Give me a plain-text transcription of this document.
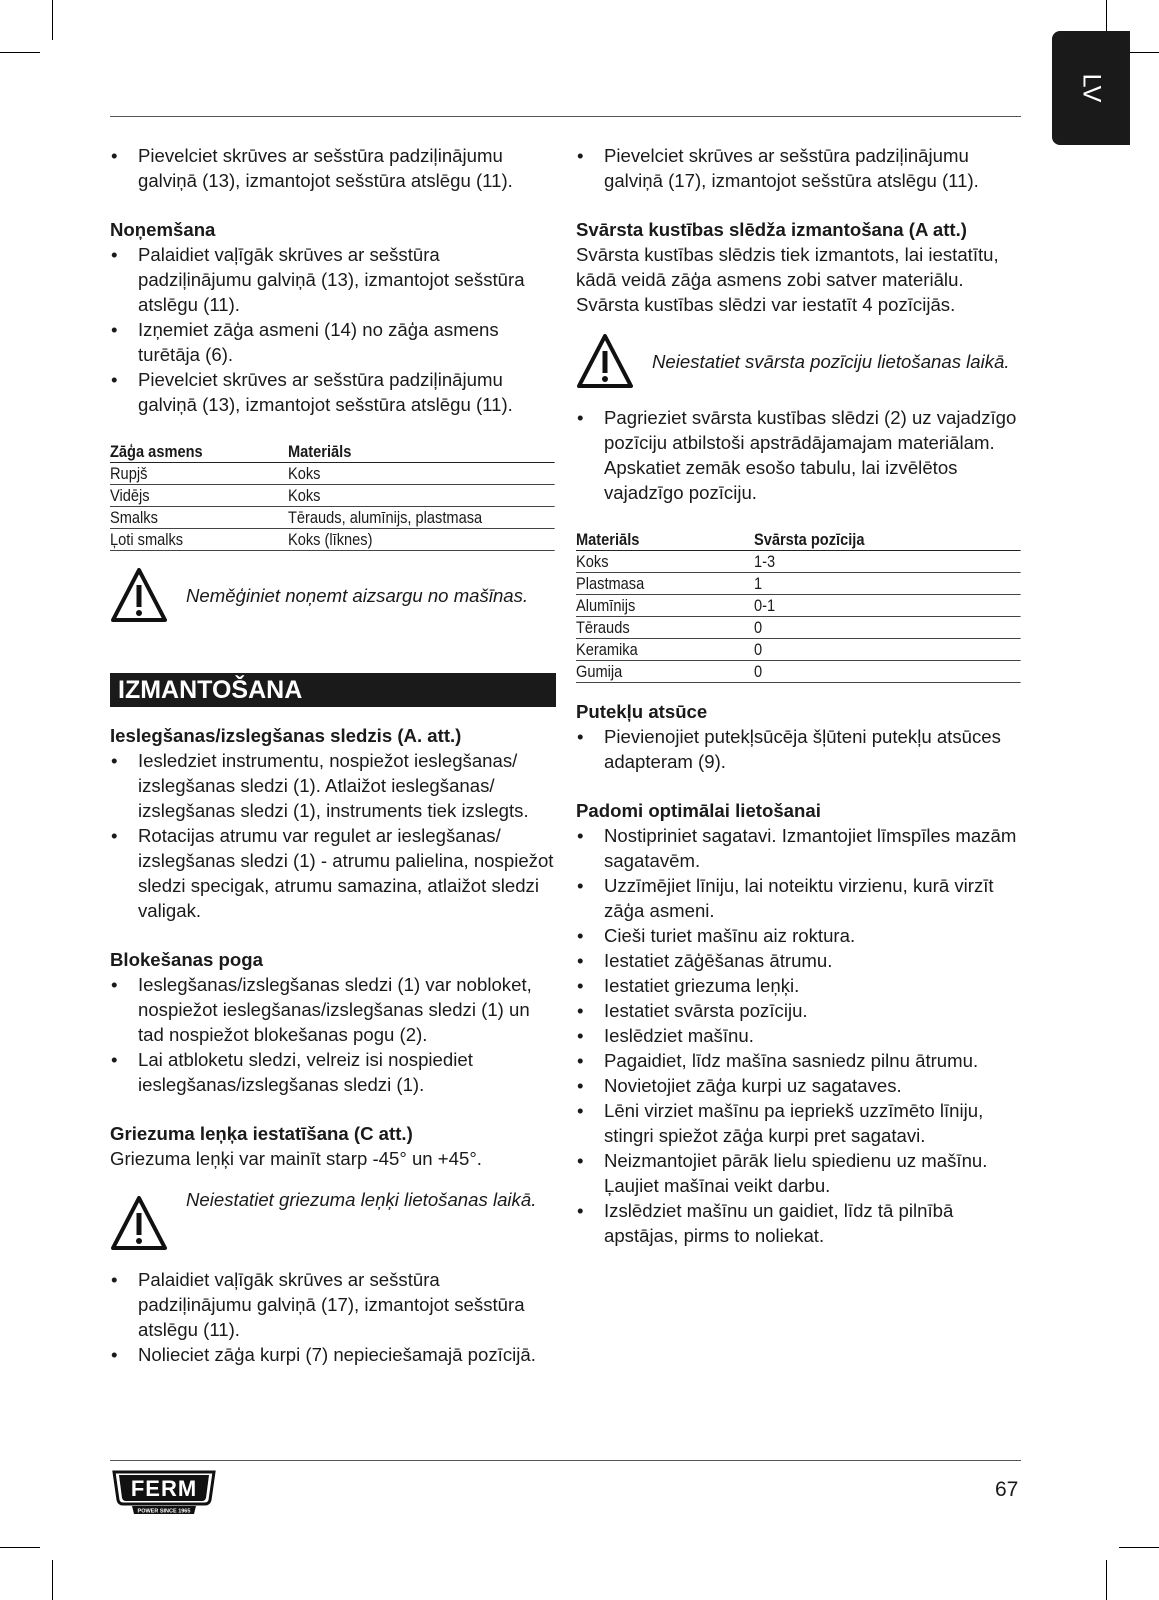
LV
• Pievelciet skrūves ar sešstūra padziļinājumu galviņā (13), izmantojot sešstūra atslēgu (11).
Noņemšana
• Palaidiet vaļīgāk skrūves ar sešstūra padziļinājumu galviņā (13), izmantojot sešstūra atslēgu (11).
• Izņemiet zāģa asmeni (14) no zāģa asmens turētāja (6).
• Pievelciet skrūves ar sešstūra padziļinājumu galviņā (13), izmantojot sešstūra atslēgu (11).
Zāģa asmens	Materiāls
Rupjš	Koks
Vidējs	Koks
Smalks	Tērauds, alumīnijs, plastmasa
Ļoti smalks	Koks (līknes)
Neměģiniet noņemt aizsargu no mašīnas.
IZMANTOŠANA
Ieslegšanas/izslegšanas sledzis (A. att.)
• Iesledziet instrumentu, nospiežot ieslegšanas/ izslegšanas sledzi (1). Atlaižot ieslegšanas/ izslegšanas sledzi (1), instruments tiek izslegts.
• Rotacijas atrumu var regulet ar ieslegšanas/ izslegšanas sledzi (1) - atrumu palielina, nospiežot sledzi specigak, atrumu samazina, atlaižot sledzi valigak.
Blokešanas poga
• Ieslegšanas/izslegšanas sledzi (1) var nobloket, nospiežot ieslegšanas/izslegšanas sledzi (1) un tad nospiežot blokešanas pogu (2).
• Lai atbloketu sledzi, velreiz isi nospiediet ieslegšanas/izslegšanas sledzi (1).
Griezuma leņķa iestatīšana (C att.)
Griezuma leņķi var mainīt starp -45° un +45°.
Neiestatiet griezuma leņķi lietošanas laikā.
• Palaidiet vaļīgāk skrūves ar sešstūra padziļinājumu galviņā (17), izmantojot sešstūra atslēgu (11).
• Nolieciet zāģa kurpi (7) nepieciešamajā pozīcijā.
• Pievelciet skrūves ar sešstūra padziļinājumu galviņā (17), izmantojot sešstūra atslēgu (11).
Svārsta kustības slēdža izmantošana (A att.)
Svārsta kustības slēdzis tiek izmantots, lai iestatītu, kādā veidā zāģa asmens zobi satver materiālu. Svārsta kustības slēdzi var iestatīt 4 pozīcijās.
Neiestatiet svārsta pozīciju lietošanas laikā.
• Pagrieziet svārsta kustības slēdzi (2) uz vajadzīgo pozīciju atbilstoši apstrādājamajam materiālam. Apskatiet zemāk esošo tabulu, lai izvēlētos vajadzīgo pozīciju.
Materiāls	Svārsta pozīcija
Koks	1-3
Plastmasa	1
Alumīnijs	0-1
Tērauds	0
Keramika	0
Gumija	0
Putekļu atsūce
• Pievienojiet putekļsūcēja šļūteni putekļu atsūces adapteram (9).
Padomi optimālai lietošanai
• Nostipriniet sagatavi. Izmantojiet līmspīles mazām sagatavēm.
• Uzzīmējiet līniju, lai noteiktu virzienu, kurā virzīt zāģa asmeni.
• Cieši turiet mašīnu aiz roktura.
• Iestatiet zāģēšanas ātrumu.
• Iestatiet griezuma leņķi.
• Iestatiet svārsta pozīciju.
• Ieslēdziet mašīnu.
• Pagaidiet, līdz mašīna sasniedz pilnu ātrumu.
• Novietojiet zāģa kurpi uz sagataves.
• Lēni virziet mašīnu pa iepriekš uzzīmēto līniju, stingri spiežot zāģa kurpi pret sagatavi.
• Neizmantojiet pārāk lielu spiedienu uz mašīnu. Ļaujiet mašīnai veikt darbu.
• Izslēdziet mašīnu un gaidiet, līdz tā pilnībā apstājas, pirms to noliekat.
FERM
POWER SINCE 1965
67
